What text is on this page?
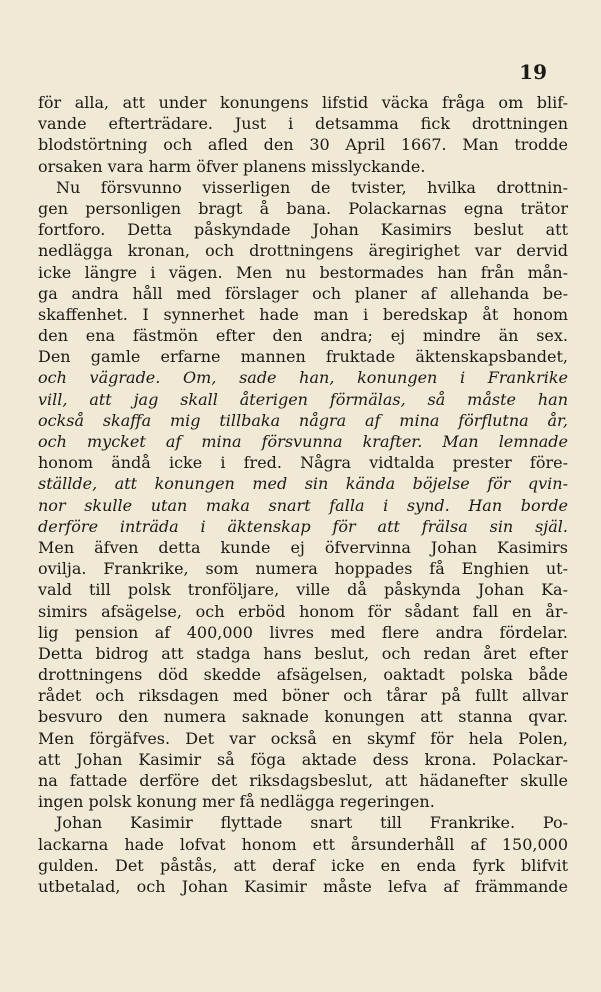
19
för alla, att under konungens lifstid väcka fråga om blif-
vande efterträdare. Just i detsamma fick drottningen
blodstörtning och afled den 30 April 1667. Man trodde
orsaken vara harm öfver planens misslyckande.
Nu försvunno visserligen de tvister, hvilka drottnin-
gen personligen bragt å bana. Polackarnas egna trätor
fortforo. Detta påskyndade Johan Kasimirs beslut att
nedlägga kronan, och drottningens äregirighet var dervid
icke längre i vägen. Men nu bestormades han från mån-
ga andra håll med förslager och planer af allehanda be-
skaffenhet. I synnerhet hade man i beredskap åt honom
den ena fästmön efter den andra; ej mindre än sex.
Den gamle erfarne mannen fruktade äktenskapsbandet,
och vägrade. Om, sade han, konungen i Frankrike
vill, att jag skall återigen förmälas, så måste han
också skaffa mig tillbaka några af mina förflutna år,
och mycket af mina försvunna krafter. Man lemnade
honom ändå icke i fred. Några vidtalda prester före-
ställde, att konungen med sin kända böjelse för qvin-
nor skulle utan maka snart falla i synd. Han borde
derföre inträda i äktenskap för att frälsa sin själ.
Men äfven detta kunde ej öfvervinna Johan Kasimirs
ovilja. Frankrike, som numera hoppades få Enghien ut-
vald till polsk tronföljare, ville då påskynda Johan Ka-
simirs afsägelse, och erböd honom för sådant fall en år-
lig pension af 400,000 livres med flere andra fördelar.
Detta bidrog att stadga hans beslut, och redan året efter
drottningens död skedde afsägelsen, oaktadt polska både
rådet och riksdagen med böner och tårar på fullt allvar
besvuro den numera saknade konungen att stanna qvar.
Men förgäfves. Det var också en skymf för hela Polen,
att Johan Kasimir så föga aktade dess krona. Polackar-
na fattade derföre det riksdagsbeslut, att hädanefter skulle
ingen polsk konung mer få nedlägga regeringen.
Johan Kasimir flyttade snart till Frankrike. Po-
lackarna hade lofvat honom ett årsunderhåll af 150,000
gulden. Det påstås, att deraf icke en enda fyrk blifvit
utbetalad, och Johan Kasimir måste lefva af främmande
